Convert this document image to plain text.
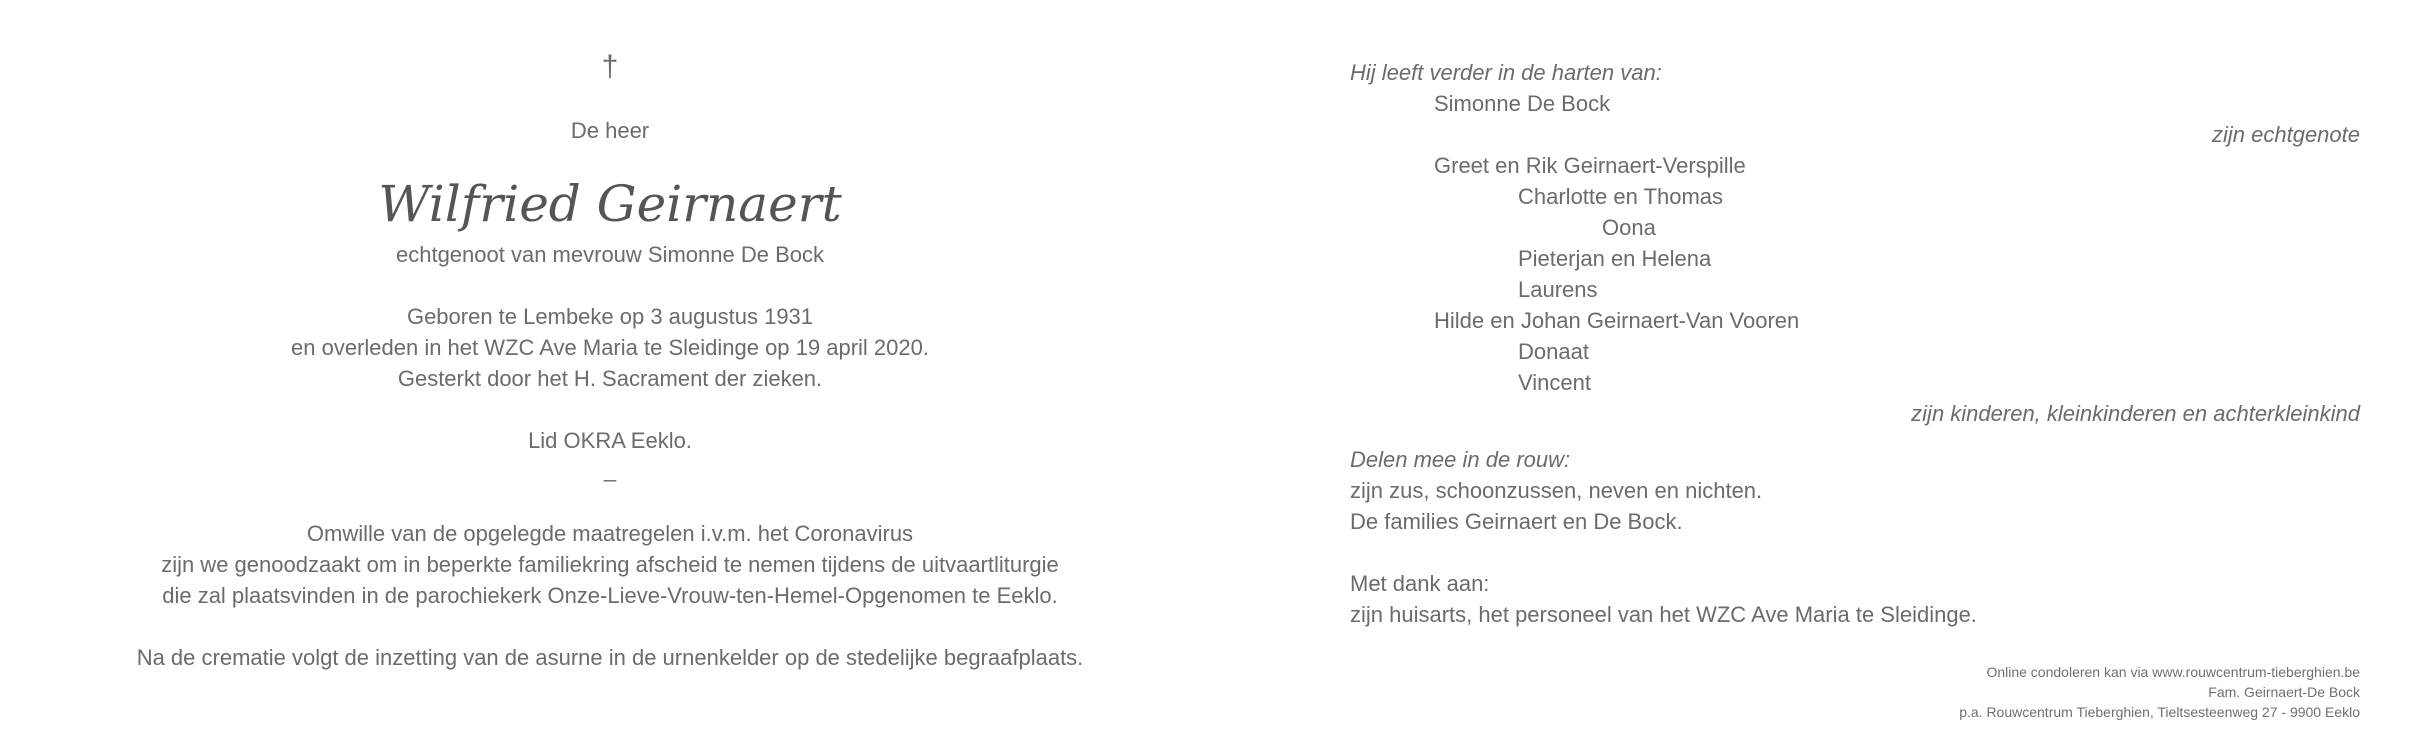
†
De heer
Wilfried Geirnaert
echtgenoot van mevrouw Simonne De Bock
Geboren te Lembeke op 3 augustus 1931
en overleden in het WZC Ave Maria te Sleidinge op 19 april 2020.
Gesterkt door het H. Sacrament der zieken.
Lid OKRA Eeklo.
_
Omwille van de opgelegde maatregelen i.v.m. het Coronavirus
zijn we genoodzaakt om in beperkte familiekring afscheid te nemen tijdens de uitvaartliturgie
die zal plaatsvinden in de parochiekerk Onze-Lieve-Vrouw-ten-Hemel-Opgenomen te Eeklo.
Na de crematie volgt de inzetting van de asurne in de urnenkelder op de stedelijke begraafplaats.
Hij leeft verder in de harten van:
Simonne De Bock
zijn echtgenote
Greet en Rik Geirnaert-Verspille
Charlotte en Thomas
Oona
Pieterjan en Helena
Laurens
Hilde en Johan Geirnaert-Van Vooren
Donaat
Vincent
zijn kinderen, kleinkinderen en achterkleinkind
Delen mee in de rouw:
zijn zus, schoonzussen, neven en nichten.
De families Geirnaert en De Bock.
Met dank aan:
zijn huisarts, het personeel van het WZC Ave Maria te Sleidinge.
Online condoleren kan via www.rouwcentrum-tieberghien.be
Fam. Geirnaert-De Bock
p.a. Rouwcentrum Tieberghien, Tieltsesteenweg 27 - 9900 Eeklo
